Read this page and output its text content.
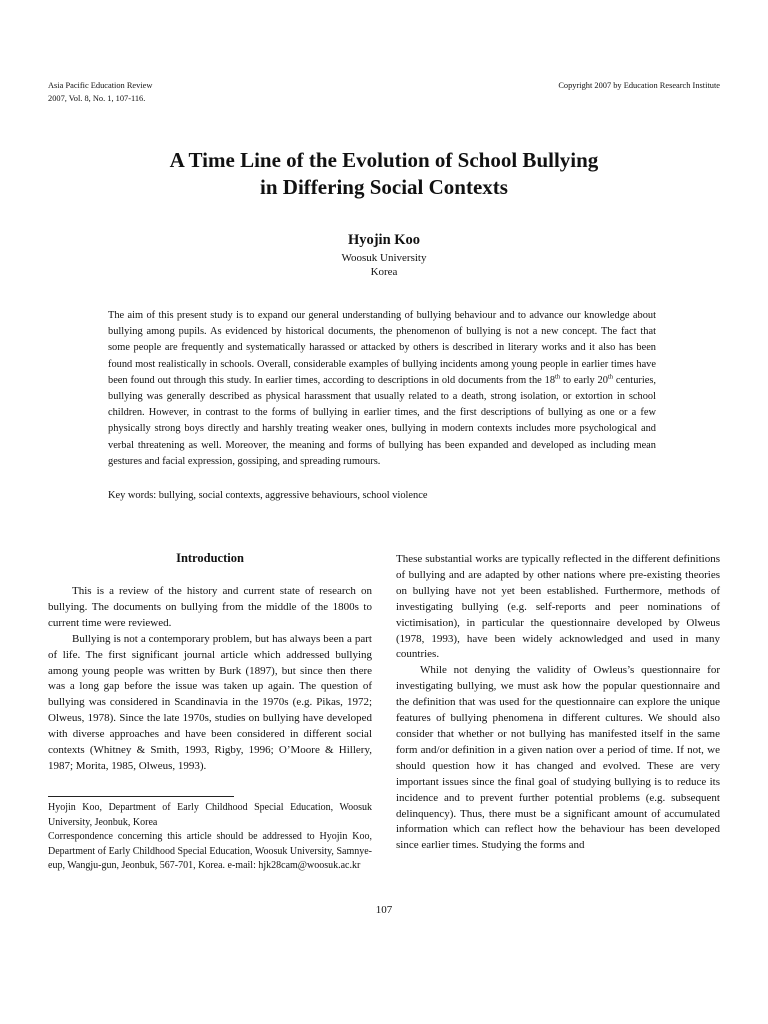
Asia Pacific Education Review
2007, Vol. 8, No. 1, 107-116.
Copyright 2007 by Education Research Institute
A Time Line of the Evolution of School Bullying
in Differing Social Contexts
Hyojin Koo
Woosuk University
Korea

The aim of this present study is to expand our general understanding of bullying behaviour and to advance our knowledge about bullying among pupils. As evidenced by historical documents, the phenomenon of bullying is not a new concept. The fact that some people are frequently and systematically harassed or attacked by others is described in literary works and it also has been found most realistically in schools. Overall, considerable examples of bullying incidents among young people in earlier times have been found out through this study. In earlier times, according to descriptions in old documents from the 18th to early 20th centuries, bullying was generally described as physical harassment that usually related to a death, strong isolation, or extortion in school children. However, in contrast to the forms of bullying in earlier times, and the first descriptions of bullying as one or a few physically strong boys directly and harshly treating weaker ones, bullying in modern contexts includes more psychological and verbal threatening as well. Moreover, the meaning and forms of bullying has been expanded and developed as including mean gestures and facial expression, gossiping, and spreading rumours.

Key words: bullying, social contexts, aggressive behaviours, school violence
Introduction

This is a review of the history and current state of research on bullying. The documents on bullying from the middle of the 1800s to current time were reviewed.

Bullying is not a contemporary problem, but has always been a part of life. The first significant journal article which addressed bullying among young people was written by Burk (1897), but since then there was a long gap before the issue was taken up again. The question of bullying was considered in Scandinavia in the 1970s (e.g. Pikas, 1972; Olweus, 1978). Since the late 1970s, studies on bullying have developed with diverse approaches and have been considered in different social contexts (Whitney & Smith, 1993, Rigby, 1996; O’Moore & Hillery, 1987; Morita, 1985, Olweus, 1993).

Hyojin Koo, Department of Early Childhood Special Education, Woosuk University, Jeonbuk, Korea

Correspondence concerning this article should be addressed to Hyojin Koo, Department of Early Childhood Special Education, Woosuk University, Samnye-eup, Wangju-gun, Jeonbuk, 567-701, Korea. e-mail: hjk28cam@woosuk.ac.kr

These substantial works are typically reflected in the different definitions of bullying and are adapted by other nations where pre-existing theories on bullying have not yet been established. Furthermore, methods of investigating bullying (e.g. self-reports and peer nominations of victimisation), in particular the questionnaire developed by Olweus (1978, 1993), have been widely acknowledged and used in many countries.

While not denying the validity of Owleus’s questionnaire for investigating bullying, we must ask how the popular questionnaire and the definition that was used for the questionnaire can explore the unique features of bullying phenomena in different cultures. We should also consider that whether or not bullying has manifested itself in the same form and/or definition in a given nation over a period of time. If not, we should question how it has changed and evolved. These are very important issues since the final goal of studying bullying is to reduce its incidence and to prevent further potential problems (e.g. subsequent delinquency). Thus, there must be a significant amount of accumulated information which can reflect how the behaviour has been developed since earlier times. Studying the forms and

107
